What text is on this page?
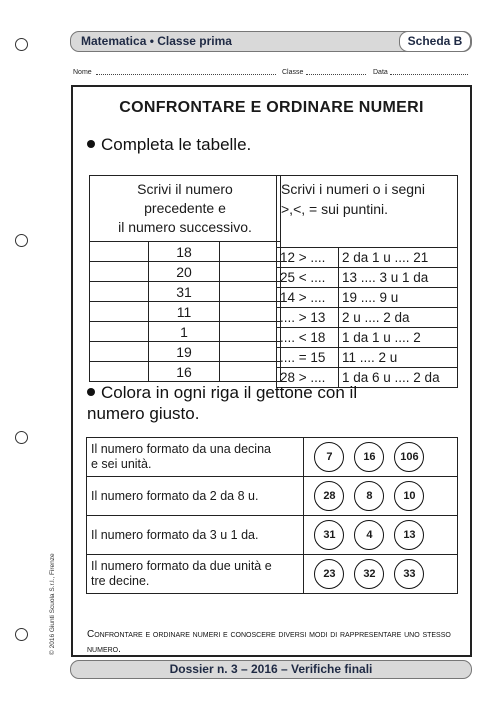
Matematica • Classe prima	Scheda B
Nome	Classe	Data
CONFRONTARE E ORDINARE NUMERI
Completa le tabelle.
Scrivi il numero
precedente e
il numero successivo.		

	18	
	20	
	31	
	11	
	1	
	19	
	16	
Scrivi i numeri o i segni
>,<, = sui puntini.	

12 > ....	2 da 1 u .... 21
25 < ....	13 .... 3 u 1 da
14 > ....	19 .... 9 u
.... > 13	2 u .... 2 da
.... < 18	1 da 1 u .... 2
.... = 15	11 .... 2 u
28 > ....	1 da 6 u .... 2 da
Colora in ogni riga il gettone con il
numero giusto.
Il numero formato da una decina
e sei unità.	7 16 106

Il numero formato da 2 da 8 u.	28 8 10

Il numero formato da 3 u 1 da.	31 4 13

Il numero formato da due unità e
tre decine.	23 32 33
Confrontare e ordinare numeri e conoscere diversi modi di rappresentare uno stesso numero.
© 2016 Giunti Scuola S.r.l., Firenze
Dossier n. 3 – 2016 – Verifiche finali
